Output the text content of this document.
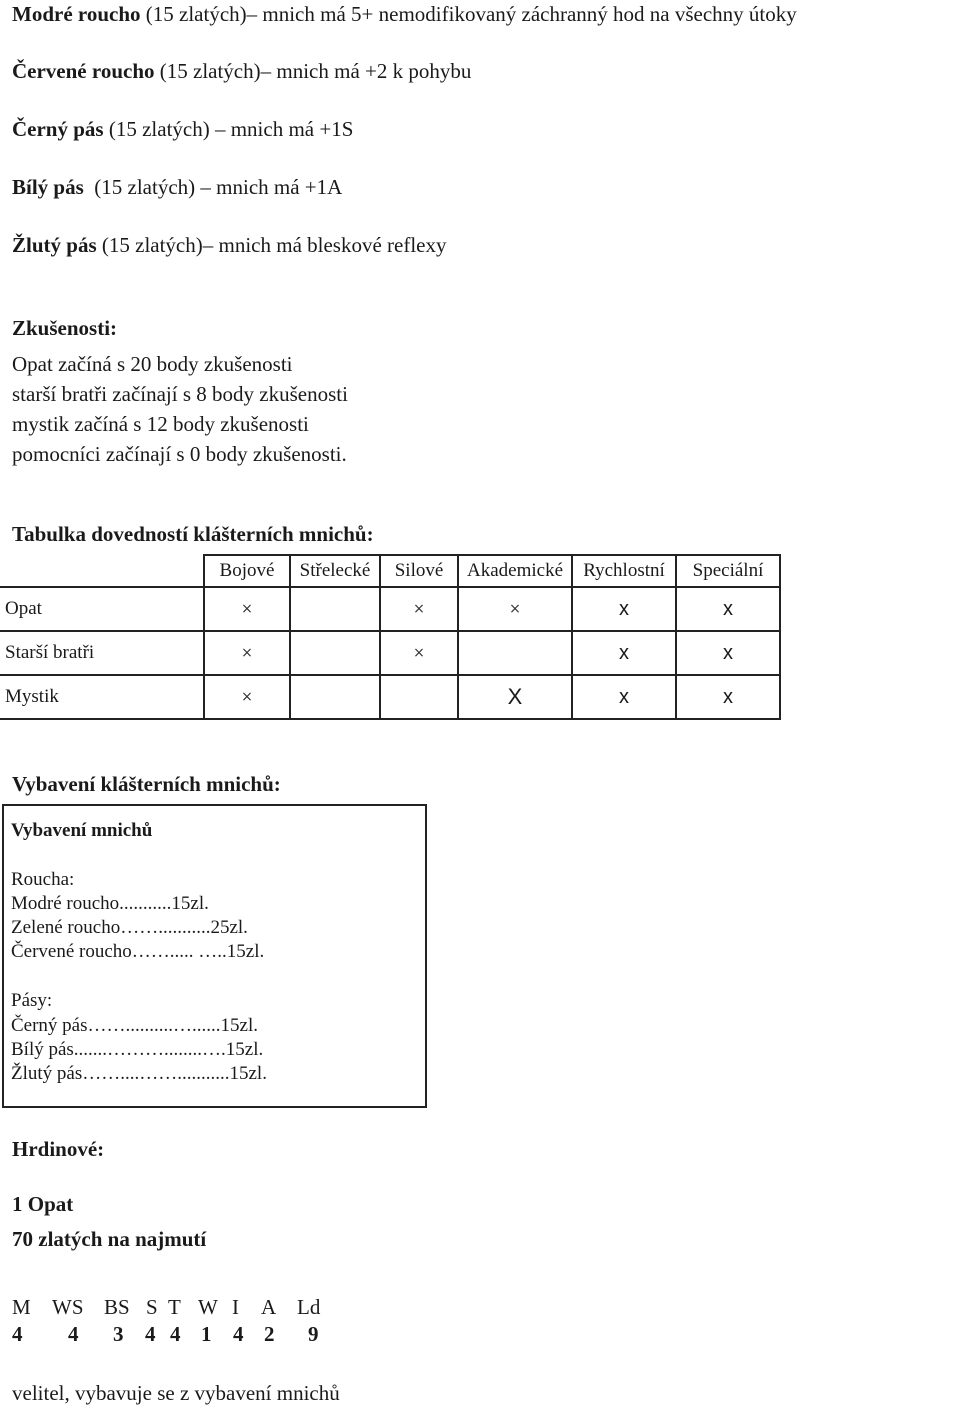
Modré roucho (15 zlatých)– mnich má 5+ nemodifikovaný záchranný hod na všechny útoky
Červené roucho (15 zlatých)– mnich má +2 k pohybu
Černý pás (15 zlatých) – mnich má +1S
Bílý pás  (15 zlatých) – mnich má +1A
Žlutý pás (15 zlatých)– mnich má bleskové reflexy
Zkušenosti:
Opat začíná s 20 body zkušenosti
starší bratři začínají s 8 body zkušenosti
mystik začíná s 12 body zkušenosti
pomocníci začínají s 0 body zkušenosti.
Tabulka dovedností klášterních mnichů:
	Bojové	Střelecké	Silové	Akademické	Rychlostní	Speciální
Opat	×		×	×	x	x
Starší bratři	×		×		x	x
Mystik	×			X	x	x
Vybavení klášterních mnichů:
Vybavení mnichů
Roucha:
Modré roucho...........15zl.
Zelené roucho……...........25zl.
Červené roucho……..... …..15zl.
Pásy:
Černý pás……..........…......15zl.
Bílý pás.......………........….15zl.
Žlutý pás……....……...........15zl.
Hrdinové:
1 Opat
70 zlatých na najmutí
M WS BS S T W I A Ld
4 4 3 4 4 1 4 2 9
velitel, vybavuje se z vybavení mnichů
